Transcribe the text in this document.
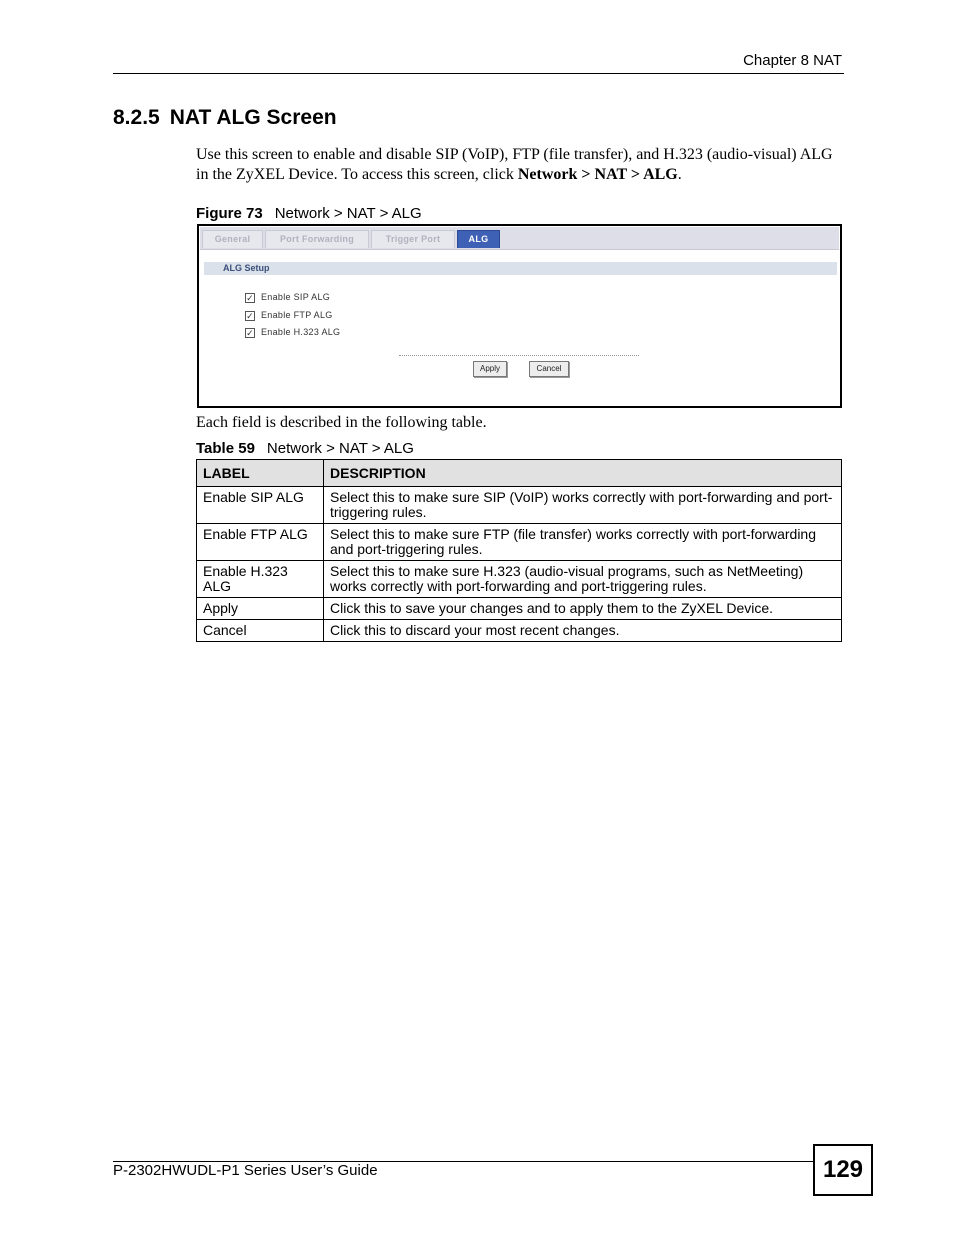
Chapter 8 NAT
8.2.5 NAT ALG Screen

Use this screen to enable and disable SIP (VoIP), FTP (file transfer), and H.323 (audio-visual) ALG in the ZyXEL Device. To access this screen, click Network > NAT > ALG.

Figure 73 Network > NAT > ALG
General	Port Forwarding	Trigger Port	ALG
ALG Setup
✓ Enable SIP ALG
✓ Enable FTP ALG
✓ Enable H.323 ALG
Apply	Cancel
Each field is described in the following table.
Table 59 Network > NAT > ALG
LABEL	DESCRIPTION
Enable SIP ALG	Select this to make sure SIP (VoIP) works correctly with port-forwarding and port-triggering rules.
Enable FTP ALG	Select this to make sure FTP (file transfer) works correctly with port-forwarding and port-triggering rules.
Enable H.323 ALG	Select this to make sure H.323 (audio-visual programs, such as NetMeeting) works correctly with port-forwarding and port-triggering rules.
Apply	Click this to save your changes and to apply them to the ZyXEL Device.
Cancel	Click this to discard your most recent changes.
P-2302HWUDL-P1 Series User’s Guide	129
